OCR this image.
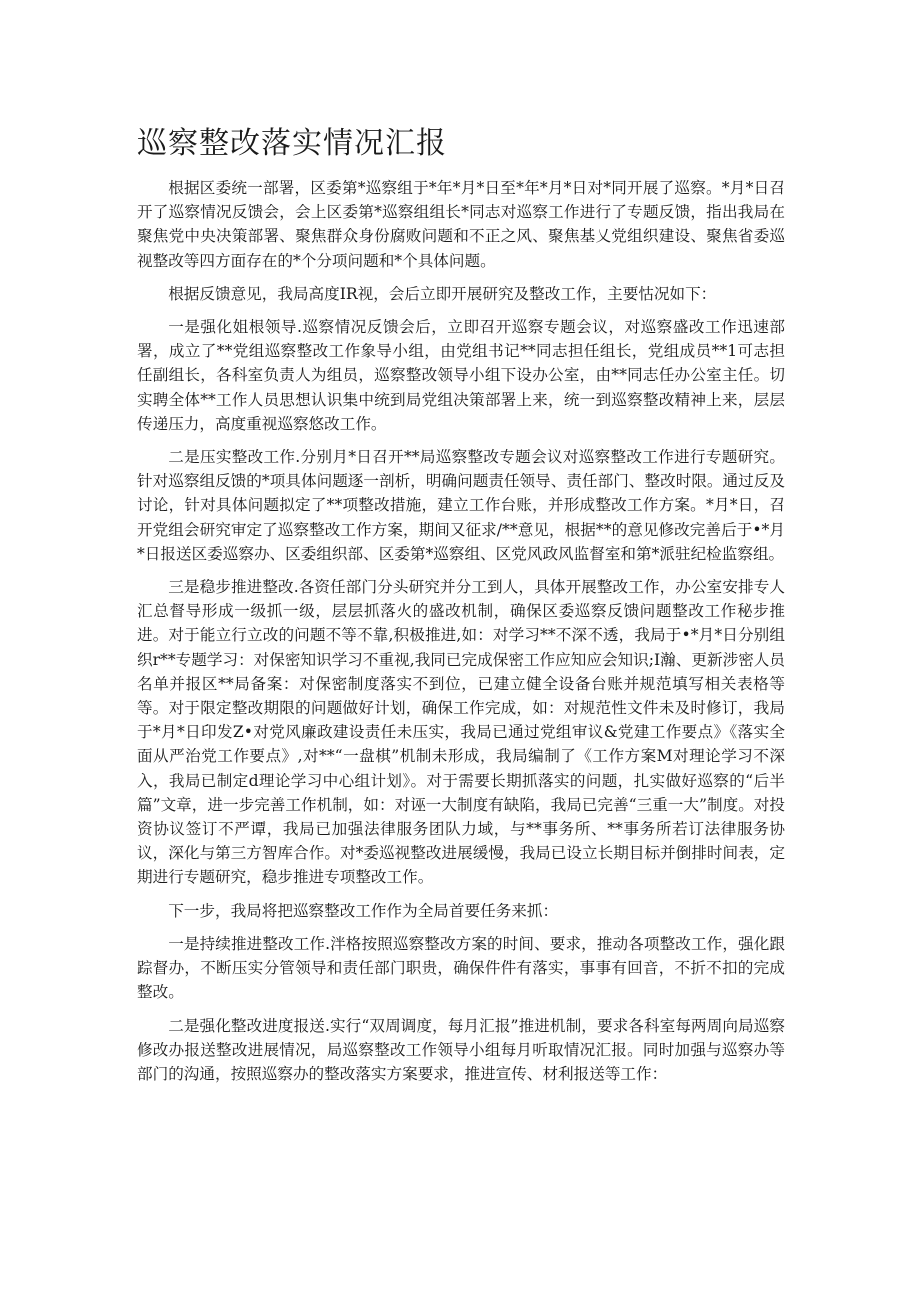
巡察整改落实情况汇报

根据区委统一部署，区委第*巡察组于*年*月*日至*年*月*日对*同开展了巡察。*月*日召开了巡察情况反馈会，会上区委第*巡察组组长*同志对巡察工作进行了专题反馈，指出我局在聚焦党中央决策部署、聚焦群众身份腐败问题和不正之风、聚焦基乂党组织建设、聚焦省委巡视整改等四方面存在的*个分项问题和*个具体问题。

根据反馈意见，我局高度IR视，会后立即开展研究及整改工作，主要怙况如下：

一是强化姐根领导.巡察情况反馈会后，立即召开巡察专题会议，对巡察盛改工作迅速部署，成立了**党组巡察整改工作象导小组，由党组书记**同志担任组长，党组成员**1可志担任副组长，各科室负责人为组员，巡察整改领导小组下设办公室，由**同志任办公室主任。切实聘全体**工作人员思想认识集中统到局党组决策部署上来，统一到巡察整改精神上来，层层传递压力，高度重视巡察悠改工作。

二是压实整改工作.分别月*日召开**局巡察整改专题会议对巡察整改工作进行专题研究。针对巡察组反馈的*项具体问题逐一剖析，明确问题责任领导、责任部门、整改时限。通过反及讨论，针对具体问题拟定了**项整改措施，建立工作台账，并形成整改工作方案。*月*日，召开党组会研究审定了巡察整改工作方案，期间又征求/**意见，根据**的意见修改完善后于•*月*日报送区委巡察办、区委组织部、区委第*巡察组、区党风政风监督室和第*派驻纪检监察组。

三是稳步推进整改.各资任部门分头研究并分工到人，具体开展整改工作，办公室安排专人汇总督导形成一级抓一级，层层抓落火的盛改机制，确保区委巡察反馈问题整改工作秘步推进。对于能立行立改的问题不等不靠,积极推进,如：对学习**不深不透，我局于•*月*日分别组织r**专题学习：对保密知识学习不重视,我同已完成保密工作应知应会知识;I瀚、更新涉密人员名单并报区**局备案：对保密制度落实不到位，已建立健全设备台账并规范填写相关表格等等。对于限定整改期限的问题做好计划，确保工作完成，如：对规范性文件未及时修订，我局于*月*日印发Z•对党风廉政建设责任未压实，我局已通过党组审议&党建工作要点》《落实全面从严治党工作要点》,对**“一盘棋”机制未形成，我局编制了《工作方案M对理论学习不深入，我局已制定d理论学习中心组计划》。对于需要长期抓落实的问题，扎实做好巡察的“后半篇”文章，进一步完善工作机制，如：对诬一大制度有缺陷，我局已完善“三重一大”制度。对投资协议签订不严谭，我局已加强法律服务团队力域，与**事务所、**事务所若订法律服务协议，深化与第三方智库合作。对*委巡视整改进展缓慢，我局已设立长期目标并倒排时间表，定期进行专题研究，稳步推进专项整改工作。

下一步，我局将把巡察整改工作作为全局首要任务来抓：

一是持续推进整改工作.泮格按照巡察整改方案的时间、要求，推动各项整改工作，强化跟踪督办，不断压实分管领导和责任部门职贵，确保件件有落实，事事有回音，不折不扣的完成整改。

二是强化整改进度报送.实行“双周调度，每月汇报”推进机制，要求各科室每两周向局巡察修改办报送整改进展情况，局巡察整改工作领导小组每月听取情况汇报。同时加强与巡察办等部门的沟通，按照巡察办的整改落实方案要求，推进宣传、材利报送等工作：
